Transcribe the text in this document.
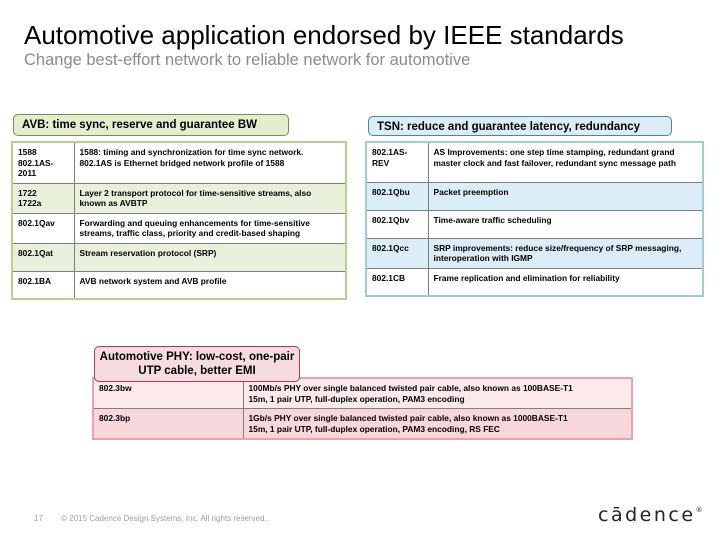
Automotive application endorsed by IEEE standards
Change best-effort network to reliable network for automotive
AVB: time sync, reserve and guarantee BW
1588
802.1AS-
2011	1588: timing and synchronization for time sync network.
802.1AS is Ethernet bridged network profile of 1588
1722
1722a	Layer 2 transport protocol for time-sensitive streams, also known as AVBTP
802.1Qav	Forwarding and queuing enhancements for time-sensitive streams, traffic class, priority and credit-based shaping
802.1Qat	Stream reservation protocol (SRP)
802.1BA	AVB network system and AVB profile
TSN: reduce and guarantee latency, redundancy
802.1AS-
REV	AS Improvements: one step time stamping, redundant grand master clock and fast failover, redundant sync message path
802.1Qbu	Packet preemption
802.1Qbv	Time-aware traffic scheduling
802.1Qcc	SRP improvements: reduce size/frequency of SRP messaging, interoperation with IGMP
802.1CB	Frame replication and elimination for reliability
Automotive PHY: low-cost, one-pair UTP cable, better EMI
802.3bw	100Mb/s PHY over single balanced twisted pair cable, also known as 100BASE-T1
15m, 1 pair UTP, full-duplex operation, PAM3 encoding
802.3bp	1Gb/s PHY over single balanced twisted pair cable, also known as 1000BASE-T1
15m, 1 pair UTP, full-duplex operation, PAM3 encoding, RS FEC
17 © 2015 Cadence Design Systems, Inc. All rights reserved..	cādence®
